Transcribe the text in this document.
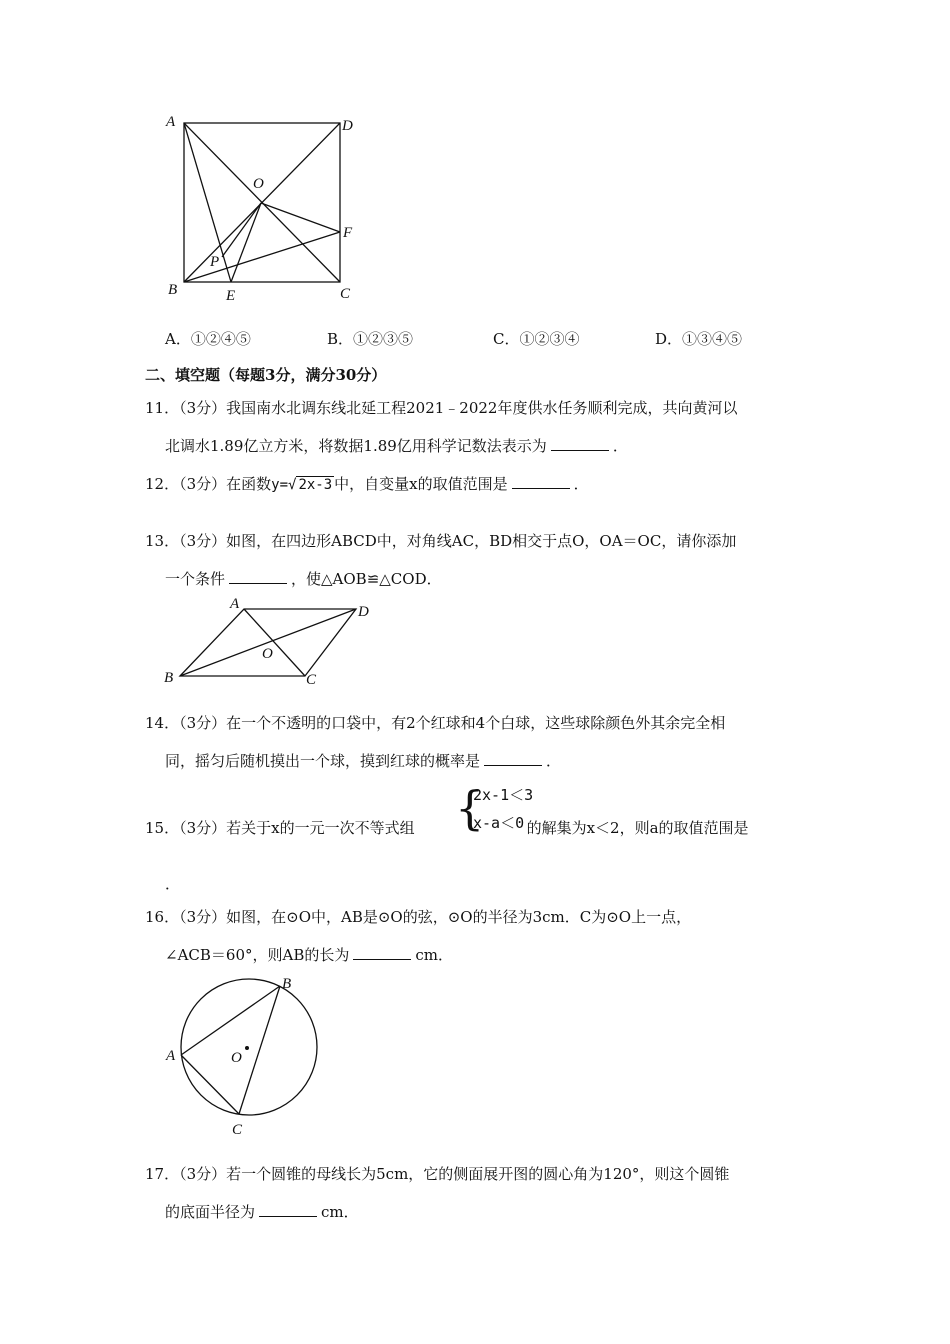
A	D
O
F
P
B	E	C
A．①②④⑤	B．①②③⑤	C．①②③④	D．①③④⑤
二、填空题（每题3分，满分30分）
11．（3分）我国南水北调东线北延工程2021﹣2022年度供水任务顺利完成，共向黄河以
北调水1.89亿立方米，将数据1.89亿用科学记数法表示为	．
12．（3分）在函数y=√ 2x-3 中，自变量x的取值范围是	．
13．（3分）如图，在四边形ABCD中，对角线AC，BD相交于点O，OA＝OC，请你添加
一个条件	，使△AOB≌△COD．
A	D
O
B	C
14．（3分）在一个不透明的口袋中，有2个红球和4个白球，这些球除颜色外其余完全相
同，摇匀后随机摸出一个球，摸到红球的概率是	．
15．（3分）若关于x的一元一次不等式组	的解集为x＜2，则a的取值范围是
{
2x-1＜3
x-a＜0
．
16．（3分）如图，在⊙O中，AB是⊙O的弦，⊙O的半径为3cm．C为⊙O上一点，
∠ACB＝60°，则AB的长为	cm．
B
A	O
C
17．（3分）若一个圆锥的母线长为5cm，它的侧面展开图的圆心角为120°，则这个圆锥
的底面半径为	cm．
